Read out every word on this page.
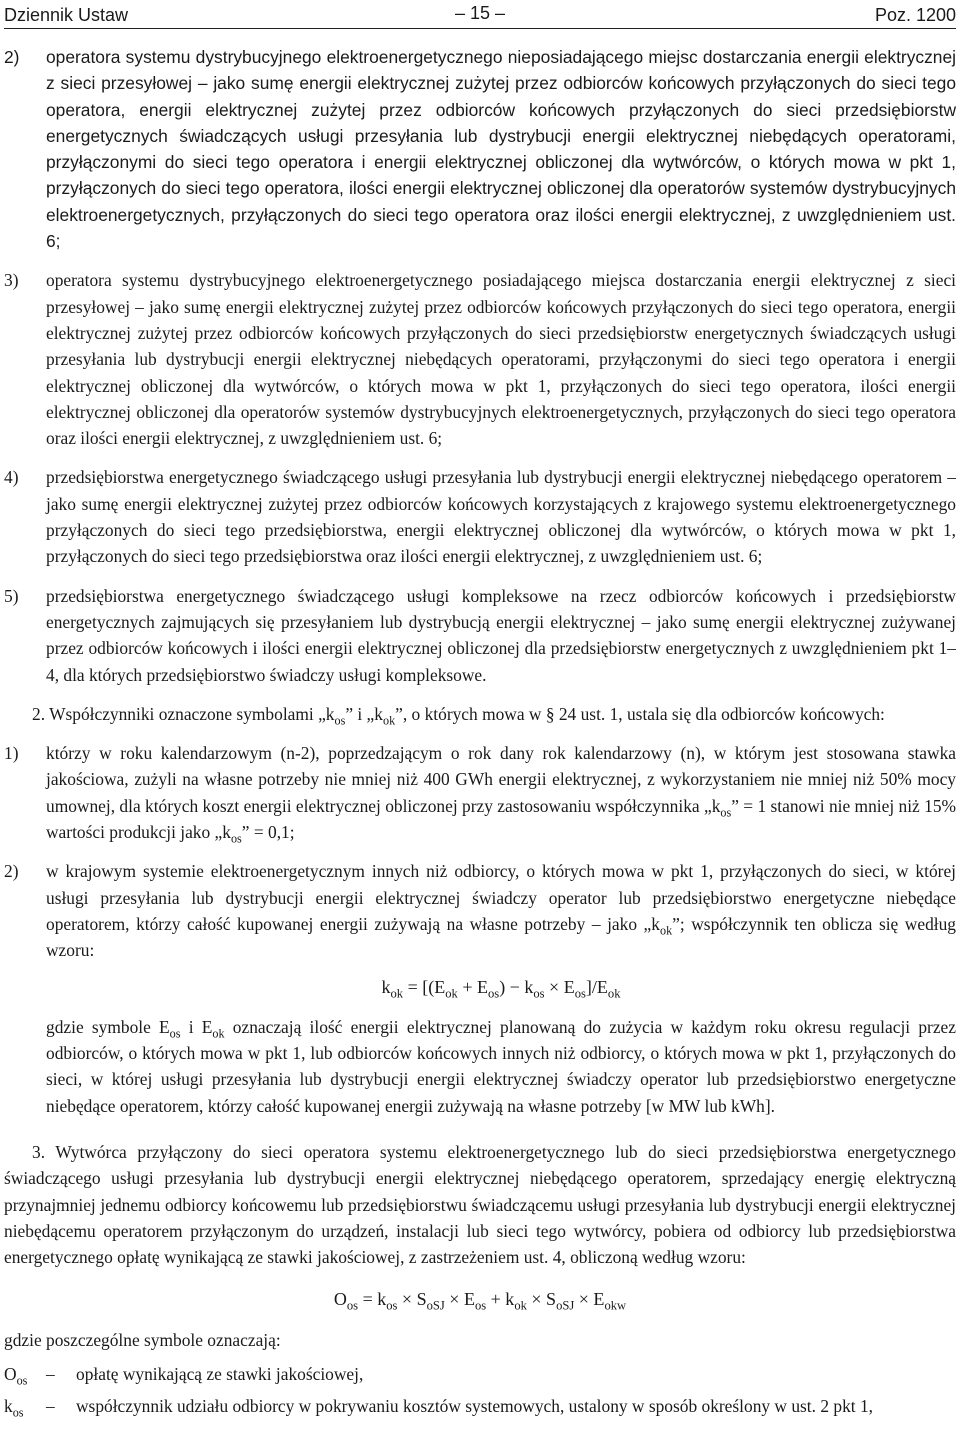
Dziennik Ustaw	– 15 –	Poz. 1200
2)	operatora systemu dystrybucyjnego elektroenergetycznego nieposiadającego miejsc dostarczania energii elektrycznej z sieci przesyłowej – jako sumę energii elektrycznej zużytej przez odbiorców końcowych przyłączonych do sieci tego operatora, energii elektrycznej zużytej przez odbiorców końcowych przyłączonych do sieci przedsiębiorstw energetycznych świadczących usługi przesyłania lub dystrybucji energii elektrycznej niebędących operatorami, przyłączonymi do sieci tego operatora i energii elektrycznej obliczonej dla wytwórców, o których mowa w pkt 1, przyłączonych do sieci tego operatora, ilości energii elektrycznej obliczonej dla operatorów systemów dystrybucyjnych elektroenergetycznych, przyłączonych do sieci tego operatora oraz ilości energii elektrycznej, z uwzględnieniem ust. 6;
3)	operatora systemu dystrybucyjnego elektroenergetycznego posiadającego miejsca dostarczania energii elektrycznej z sieci przesyłowej – jako sumę energii elektrycznej zużytej przez odbiorców końcowych przyłączonych do sieci tego operatora, energii elektrycznej zużytej przez odbiorców końcowych przyłączonych do sieci przedsiębiorstw energetycznych świadczących usługi przesyłania lub dystrybucji energii elektrycznej niebędących operatorami, przyłączonymi do sieci tego operatora i energii elektrycznej obliczonej dla wytwórców, o których mowa w pkt 1, przyłączonych do sieci tego operatora, ilości energii elektrycznej obliczonej dla operatorów systemów dystrybucyjnych elektroenergetycznych, przyłączonych do sieci tego operatora oraz ilości energii elektrycznej, z uwzględnieniem ust. 6;
4)	przedsiębiorstwa energetycznego świadczącego usługi przesyłania lub dystrybucji energii elektrycznej niebędącego operatorem – jako sumę energii elektrycznej zużytej przez odbiorców końcowych korzystających z krajowego systemu elektroenergetycznego przyłączonych do sieci tego przedsiębiorstwa, energii elektrycznej obliczonej dla wytwórców, o których mowa w pkt 1, przyłączonych do sieci tego przedsiębiorstwa oraz ilości energii elektrycznej, z uwzględnieniem ust. 6;
5)	przedsiębiorstwa energetycznego świadczącego usługi kompleksowe na rzecz odbiorców końcowych i przedsiębiorstw energetycznych zajmujących się przesyłaniem lub dystrybucją energii elektrycznej – jako sumę energii elektrycznej zużywanej przez odbiorców końcowych i ilości energii elektrycznej obliczonej dla przedsiębiorstw energetycznych z uwzględnieniem pkt 1–4, dla których przedsiębiorstwo świadczy usługi kompleksowe.
2. Współczynniki oznaczone symbolami $„k_{os}$” i $„k_{ok}$”, o których mowa w § 24 ust. 1, ustala się dla odbiorców końcowych:
1)	którzy w roku kalendarzowym (n-2), poprzedzającym o rok dany rok kalendarzowy (n), w którym jest stosowana stawka jakościowa, zużyli na własne potrzeby nie mniej niż 400 GWh energii elektrycznej, z wykorzystaniem nie mniej niż 50% mocy umownej, dla których koszt energii elektrycznej obliczonej przy zastosowaniu współczynnika $„k_{os}$” = 1 stanowi nie mniej niż 15% wartości produkcji jako $„k_{os}$” = 0,1;
2)	w krajowym systemie elektroenergetycznym innych niż odbiorcy, o których mowa w pkt 1, przyłączonych do sieci, w której usługi przesyłania lub dystrybucji energii elektrycznej świadczy operator lub przedsiębiorstwo energetyczne niebędące operatorem, którzy całość kupowanej energii zużywają na własne potrzeby – jako $„k_{ok}$”; współczynnik ten oblicza się według wzoru:
$k_{ok} = [(E_{ok} + E_{os}) - k_{os} \times E_{os}]/E_{ok}$
gdzie symbole $E_{os}$ i $E_{ok}$ oznaczają ilość energii elektrycznej planowaną do zużycia w każdym roku okresu regulacji przez odbiorców, o których mowa w pkt 1, lub odbiorców końcowych innych niż odbiorcy, o których mowa w pkt 1, przyłączonych do sieci, w której usługi przesyłania lub dystrybucji energii elektrycznej świadczy operator lub przedsiębiorstwo energetyczne niebędące operatorem, którzy całość kupowanej energii zużywają na własne potrzeby [w MW lub kWh].
3. Wytwórca przyłączony do sieci operatora systemu elektroenergetycznego lub do sieci przedsiębiorstwa energetycznego świadczącego usługi przesyłania lub dystrybucji energii elektrycznej niebędącego operatorem, sprzedający energię elektryczną przynajmniej jednemu odbiorcy końcowemu lub przedsiębiorstwu świadczącemu usługi przesyłania lub dystrybucji energii elektrycznej niebędącemu operatorem przyłączonym do urządzeń, instalacji lub sieci tego wytwórcy, pobiera od odbiorcy lub przedsiębiorstwa energetycznego opłatę wynikającą ze stawki jakościowej, z zastrzeżeniem ust. 4, obliczoną według wzoru:
$O_{os} = k_{os} \times S_{oSJ} \times E_{os} + k_{ok} \times S_{oSJ} \times E_{okw}$
gdzie poszczególne symbole oznaczają:
$O_{os}$	–	opłatę wynikającą ze stawki jakościowej,
$k_{os}$	–	współczynnik udziału odbiorcy w pokrywaniu kosztów systemowych, ustalony w sposób określony w ust. 2 pkt 1,
